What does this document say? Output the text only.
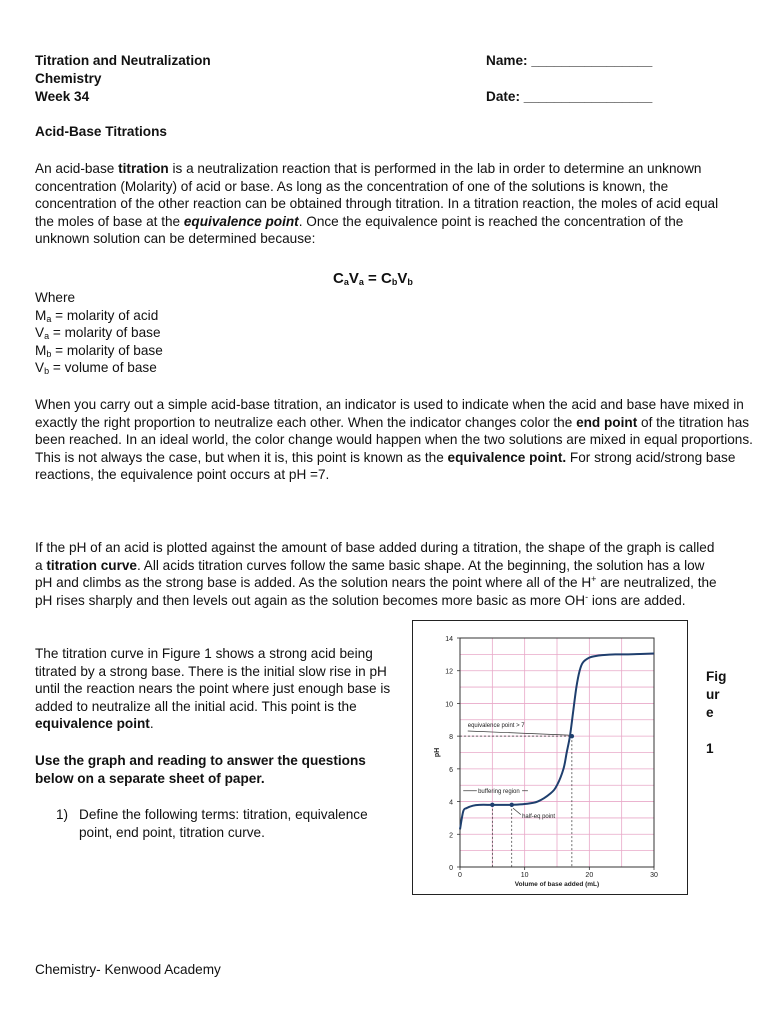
Titration and Neutralization
Chemistry
Week 34
Name: ________________
Date: _________________
Acid-Base Titrations

An acid-base titration is a neutralization reaction that is performed in the lab in order to determine an unknown concentration (Molarity) of acid or base. As long as the concentration of one of the solutions is known, the concentration of the other reaction can be obtained through titration. In a titration reaction, the moles of acid equal the moles of base at the equivalence point. Once the equivalence point is reached the concentration of the unknown solution can be determined because:

$C_aV_a = C_bV_b$
Where
$M_a$ = molarity of acid
$V_a$ = molarity of base
$M_b$ = molarity of base
$V_b$ = volume of base

When you carry out a simple acid-base titration, an indicator is used to indicate when the acid and base have mixed in exactly the right proportion to neutralize each other. When the indicator changes color the end point of the titration has been reached. In an ideal world, the color change would happen when the two solutions are mixed in equal proportions. This is not always the case, but when it is, this point is known as the equivalence point. For strong acid/strong base reactions, the equivalence point occurs at pH =7.

If the pH of an acid is plotted against the amount of base added during a titration, the shape of the graph is called a titration curve. All acids titration curves follow the same basic shape. At the beginning, the solution has a low pH and climbs as the strong base is added. As the solution nears the point where all of the H+ are neutralized, the pH rises sharply and then levels out again as the solution becomes more basic as more OH- ions are added.

The titration curve in Figure 1 shows a strong acid being titrated by a strong base. There is the initial slow rise in pH until the reaction nears the point where just enough base is added to neutralize all the initial acid. This point is the equivalence point.

Use the graph and reading to answer the questions below on a separate sheet of paper.

1) Define the following terms: titration, equivalence point, end point, titration curve.

0
2
4
6
8
10
12
14
0	10	20	30
Volume of base added (mL)
pH
equivalence point > 7
buffering region
half-eq point
Fig
ur
e
1
Chemistry- Kenwood Academy
